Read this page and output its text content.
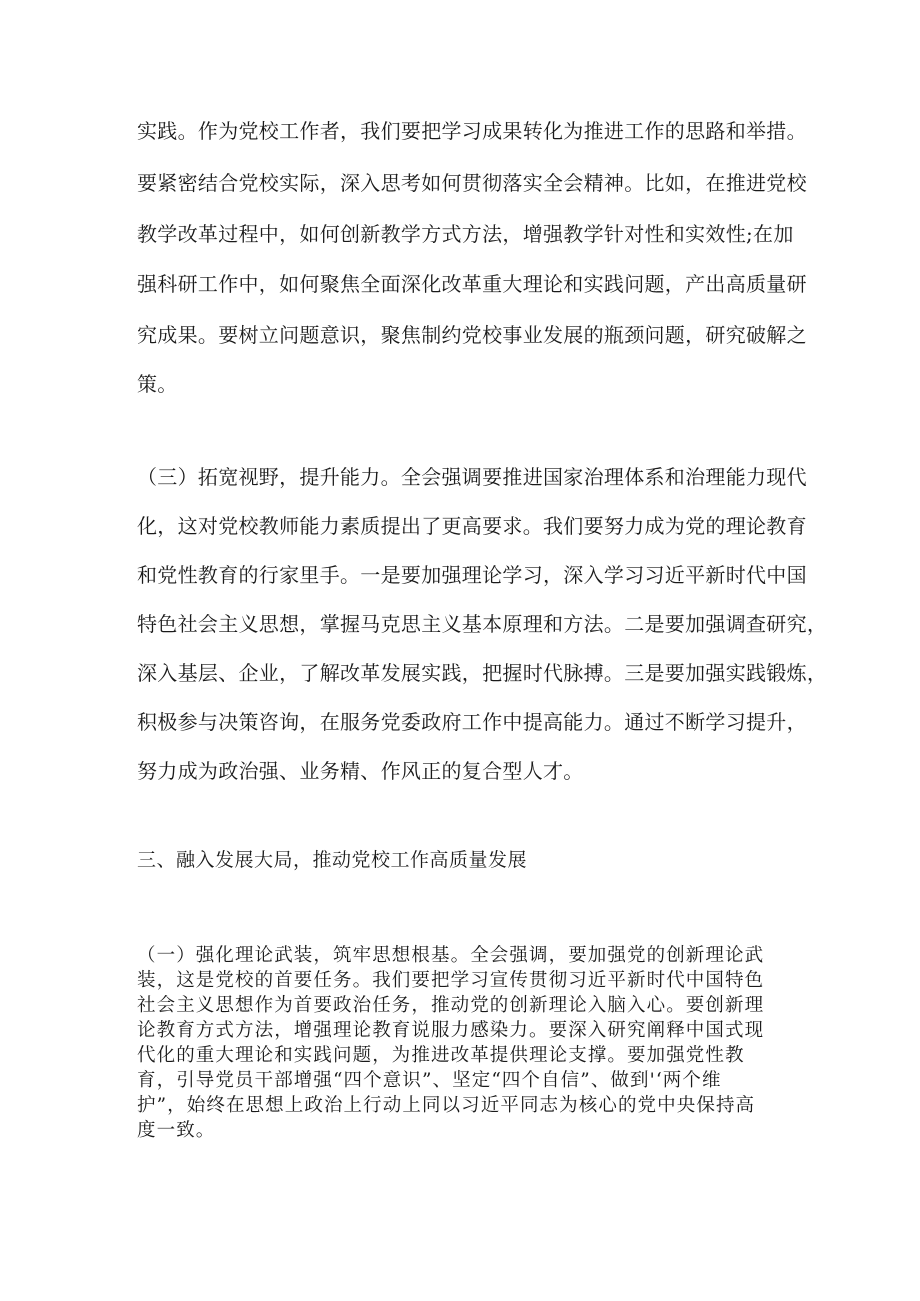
实践。作为党校工作者，我们要把学习成果转化为推进工作的思路和举措。
要紧密结合党校实际，深入思考如何贯彻落实全会精神。比如，在推进党校
教学改革过程中，如何创新教学方式方法，增强教学针对性和实效性;在加
强科研工作中，如何聚焦全面深化改革重大理论和实践问题，产出高质量研
究成果。要树立问题意识，聚焦制约党校事业发展的瓶颈问题，研究破解之
策。
（三）拓宽视野，提升能力。全会强调要推进国家治理体系和治理能力现代
化，这对党校教师能力素质提出了更高要求。我们要努力成为党的理论教育
和党性教育的行家里手。一是要加强理论学习，深入学习习近平新时代中国
特色社会主义思想，掌握马克思主义基本原理和方法。二是要加强调查研究，
深入基层、企业，了解改革发展实践，把握时代脉搏。三是要加强实践锻炼，
积极参与决策咨询，在服务党委政府工作中提高能力。通过不断学习提升，
努力成为政治强、业务精、作风正的复合型人才。
三、融入发展大局，推动党校工作高质量发展
（一）强化理论武装，筑牢思想根基。全会强调，要加强党的创新理论武
装，这是党校的首要任务。我们要把学习宣传贯彻习近平新时代中国特色
社会主义思想作为首要政治任务，推动党的创新理论入脑入心。要创新理
论教育方式方法，增强理论教育说服力感染力。要深入研究阐释中国式现
代化的重大理论和实践问题，为推进改革提供理论支撑。要加强党性教
育，引导党员干部增强“四个意识”、坚定“四个自信”、做到'‘两个维
护”，始终在思想上政治上行动上同以习近平同志为核心的党中央保持高
度一致。
